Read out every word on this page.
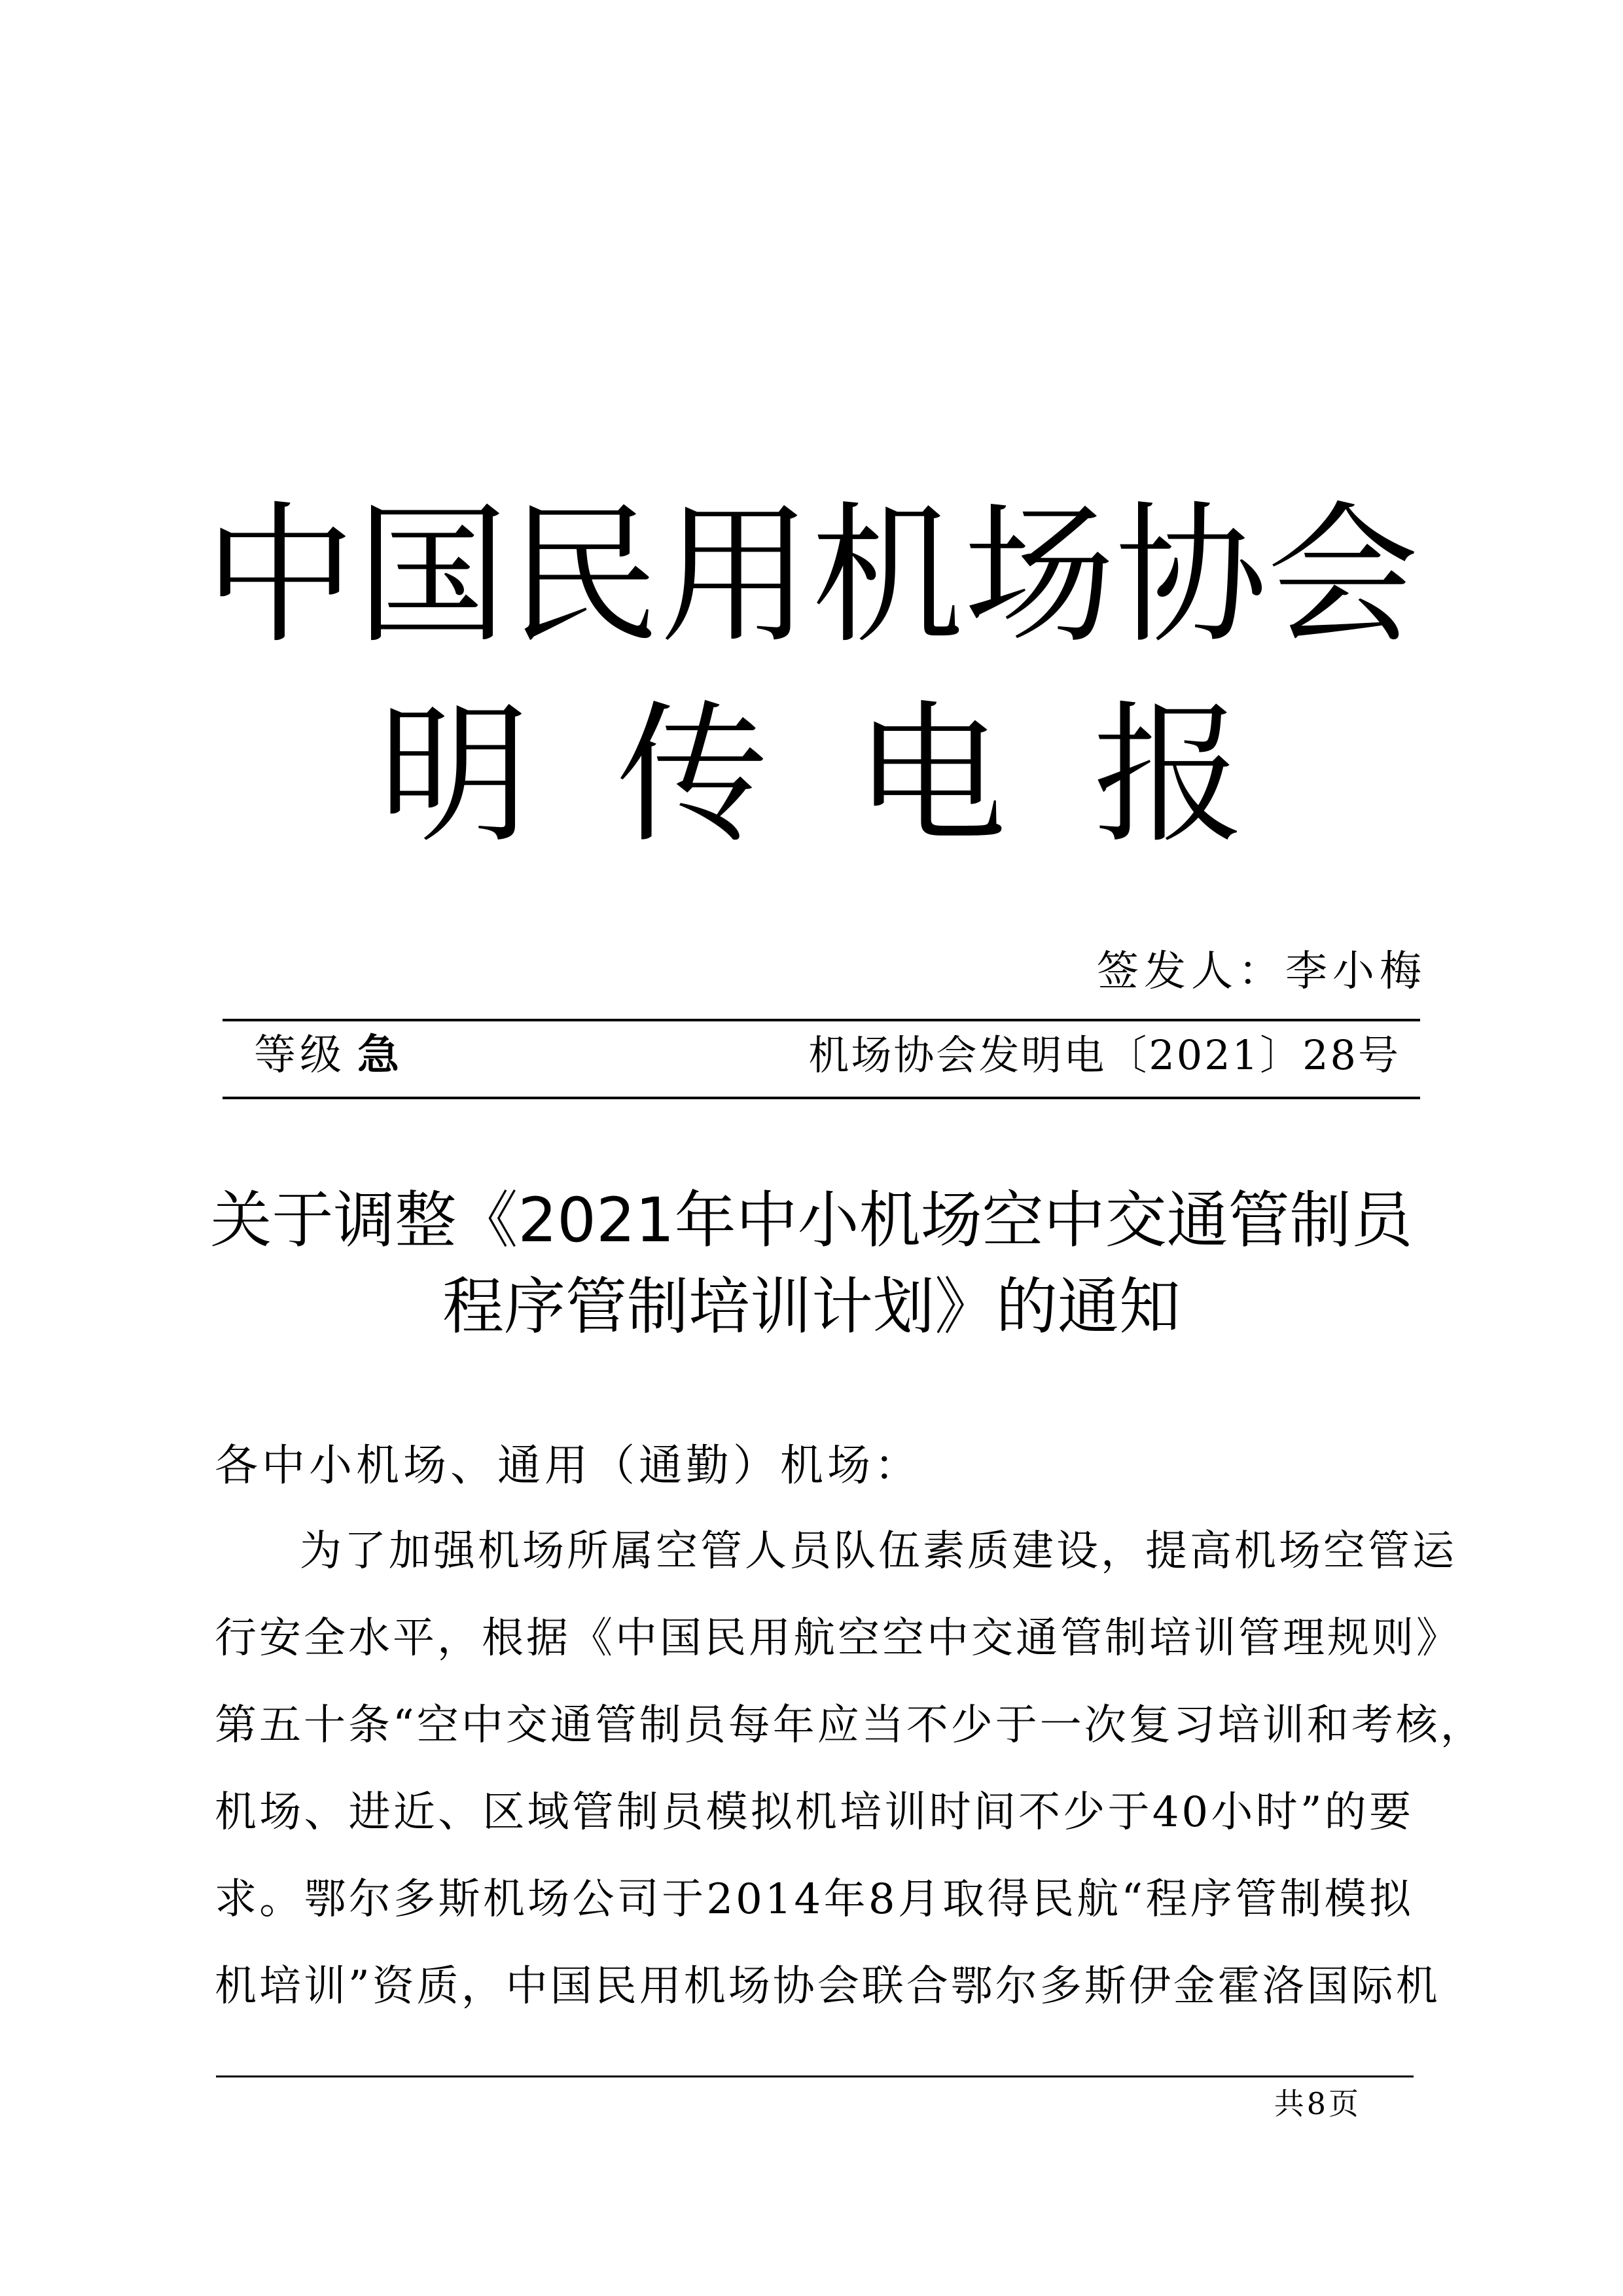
中国民用机场协会
明 传 电 报
签发人：李小梅
等级 急	机场协会发明电〔2021〕28号
关于调整《2021年中小机场空中交通管制员
程序管制培训计划》的通知
各中小机场、通用（通勤）机场：
为了加强机场所属空管人员队伍素质建设，提高机场空管运
行安全水平，根据《中国民用航空空中交通管制培训管理规则》
第五十条“空中交通管制员每年应当不少于一次复习培训和考核，
机场、进近、区域管制员模拟机培训时间不少于40小时”的要
求。鄂尔多斯机场公司于2014年8月取得民航“程序管制模拟
机培训”资质，中国民用机场协会联合鄂尔多斯伊金霍洛国际机
共8页
